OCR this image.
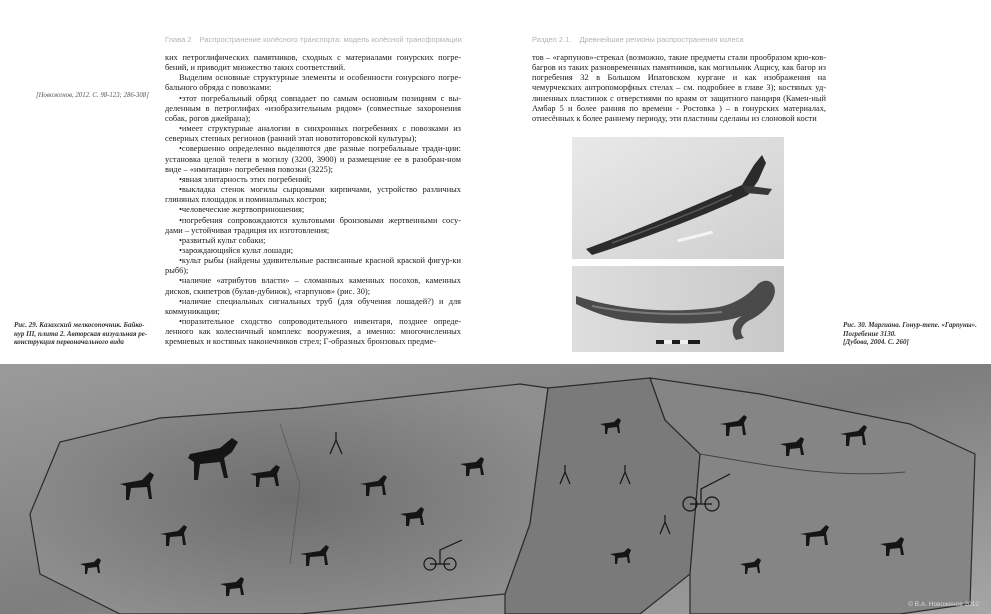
Глава 2 Распространение колёсного транспорта: модель колёсной трансформации	Раздел 2.1. Древнейшие регионы распространения колеса
[Новоженов, 2012. С. 98-123; 286-308]

ких петроглифических памятников, сходных с материалами гонурских погре-бений, и приводит множество таких соответствий.

Выделим основные структурные элементы и особенности гонурского погре-бального обряда с повозками:

•этот погребальный обряд совпадает по самым основным позициям с вы-деленным в петроглифах «изобразительным рядом» (совместные захоронения собак, рогов джейрана);

•имеет структурные аналогии в синхронных погребениях с повозками из северных степных регионов (ранний этап новотиторовской культуры);

•совершенно определенно выделяются две разные погребальные тради-ции: установка целой телеги в могилу (3200, 3900) и размещение ее в разобран-ном виде – «имитация» погребения повозки (3225);

•явная элитарность этих погребений;

•выкладка стенок могилы сырцовыми кирпичами, устройство различных глиняных площадок и поминальных костров;

•человеческие жертвоприношения;

•погребения сопровождаются культовыми бронзовыми жертвенными сосу-дами – устойчивая традиция их изготовления;

•развитый культ собаки;

•зарождающийся культ лошади;

•культ рыбы (найдены удивительные расписанные красной краской фигур-ки рыб6);

•наличие «атрибутов власти» – сломанных каменных посохов, каменных дисков, скипетров (булав-дубинок), «гарпунов» (рис. 30);

•наличие специальных сигнальных труб (для обучения лошадей?) и для коммуникации;

•поразительное сходство сопроводительного инвентаря, позднее опреде-ленного как колесничный комплекс вооружения, а именно: многочисленных кремневых и костяных наконечников стрел; Г-образных бронзовых предме-

Рис. 29. Казахский мелкосопочник. Байко-
нур III, плита 2. Авторская визуальная ре-
конструкция первоначального вида

тов – «гарпунов»-стрекал (возможно, такие предметы стали прообразом крю-ков-багров из таких разновременных памятников, как могильник Ащису, как багор из погребения 32 в Большом Ипатовском кургане и как изображения на чемурчекских антропоморфных стелах – см. подробнее в главе 3); костяных уд-линенных пластинок с отверстиями по краям от защитного панциря (Камен-ный Амбар 5 и более ранняя по времени - Ростовка ) – в гонурских материалах, отнесённых к более раннему периоду, эти пластины сделаны из слоновой кости

Рис. 30. Маргиана. Гонур-тепе. «Гарпуны».
Погребение 3130.
[Дубова, 2004. С. 260]
© В.А. Новоженов 2012
